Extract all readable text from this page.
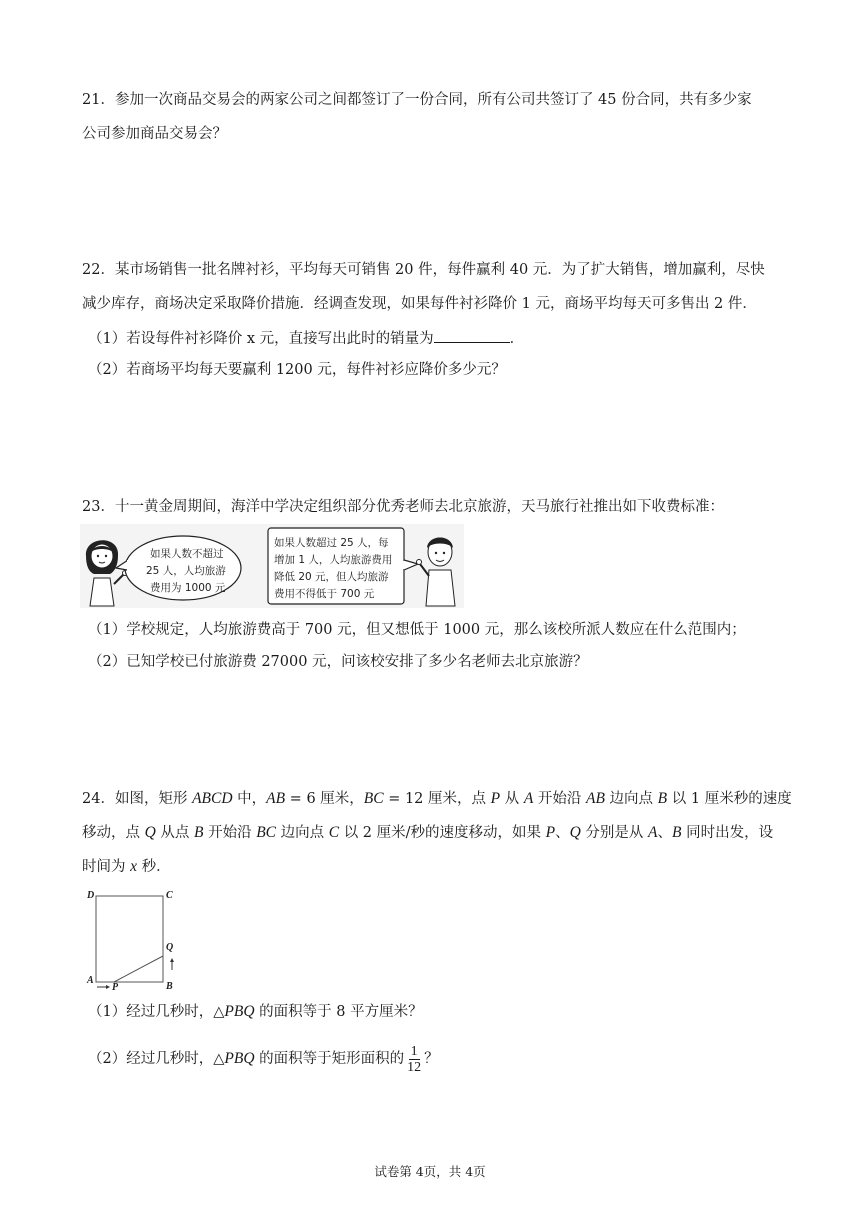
21．参加一次商品交易会的两家公司之间都签订了一份合同，所有公司共签订了 45 份合同，共有多少家
公司参加商品交易会？
22．某市场销售一批名牌衬衫，平均每天可销售 20 件，每件赢利 40 元．为了扩大销售，增加赢利，尽快
减少库存，商场决定采取降价措施．经调查发现，如果每件衬衫降价 1 元，商场平均每天可多售出 2 件．
（1）若设每件衬衫降价 x 元，直接写出此时的销量为	．
（2）若商场平均每天要赢利 1200 元，每件衬衫应降价多少元？
23．十一黄金周期间，海洋中学决定组织部分优秀老师去北京旅游，天马旅行社推出如下收费标准：
如果人数不超过
25 人，人均旅游
费用为 1000 元
如果人数超过 25 人，每
增加 1 人，人均旅游费用
降低 20 元，但人均旅游
费用不得低于 700 元
（1）学校规定，人均旅游费高于 700 元，但又想低于 1000 元，那么该校所派人数应在什么范围内；
（2）已知学校已付旅游费 27000 元，问该校安排了多少名老师去北京旅游？
24．如图，矩形 ABCD 中，AB = 6 厘米，BC = 12 厘米，点 P 从 A 开始沿 AB 边向点 B 以 1 厘米秒的速度
移动，点 Q 从点 B 开始沿 BC 边向点 C 以 2 厘米/秒的速度移动，如果 P、Q 分别是从 A、B 同时出发，设
时间为 x 秒．
D	C
Q
A
P	B
（1）经过几秒时，△PBQ 的面积等于 8 平方厘米？
（2）经过几秒时，△PBQ 的面积等于矩形面积的 $\frac{1}{12}$ ？
试卷第 4页，共 4页
